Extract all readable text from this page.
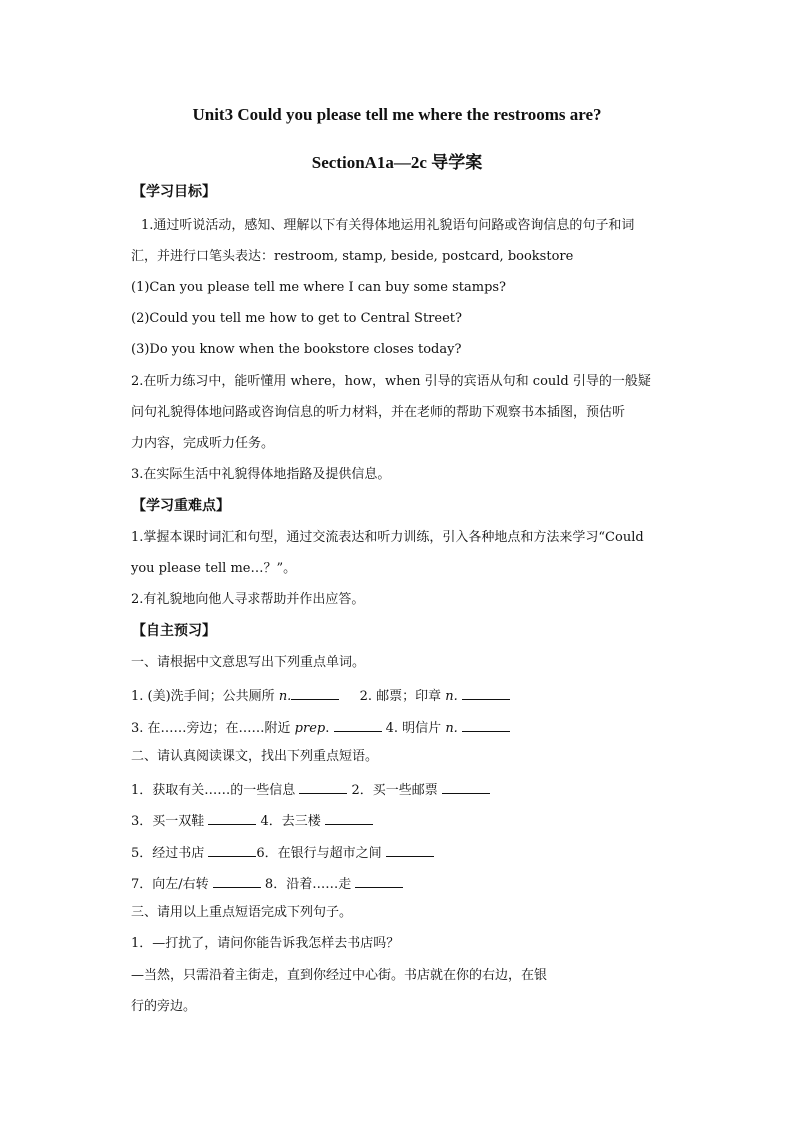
Unit3 Could you please tell me where the restrooms are?
SectionA1a—2c 导学案
【学习目标】
1.通过听说活动，感知、理解以下有关得体地运用礼貌语句问路或咨询信息的句子和词
汇，并进行口笔头表达：restroom, stamp, beside, postcard, bookstore
(1)Can you please tell me where I can buy some stamps?
(2)Could you tell me how to get to Central Street?
(3)Do you know when the bookstore closes today?
2.在听力练习中，能听懂用 where，how，when 引导的宾语从句和 could 引导的一般疑
问句礼貌得体地问路或咨询信息的听力材料，并在老师的帮助下观察书本插图，预估听
力内容，完成听力任务。
3.在实际生活中礼貌得体地指路及提供信息。
【学习重难点】
1.掌握本课时词汇和句型，通过交流表达和听力训练，引入各种地点和方法来学习“Could
you please tell me…？”。
2.有礼貌地向他人寻求帮助并作出应答。
【自主预习】
一、请根据中文意思写出下列重点单词。
1. (美)洗手间；公共厕所 n.	2. 邮票；印章 n.
3. 在……旁边；在……附近 prep.	4. 明信片 n.
二、请认真阅读课文，找出下列重点短语。
1．获取有关……的一些信息	2．买一些邮票
3．买一双鞋	4．去三楼
5．经过书店	6．在银行与超市之间
7．向左/右转	8．沿着……走
三、请用以上重点短语完成下列句子。
1．—打扰了，请问你能告诉我怎样去书店吗？
—当然，只需沿着主街走，直到你经过中心街。书店就在你的右边，在银
行的旁边。
